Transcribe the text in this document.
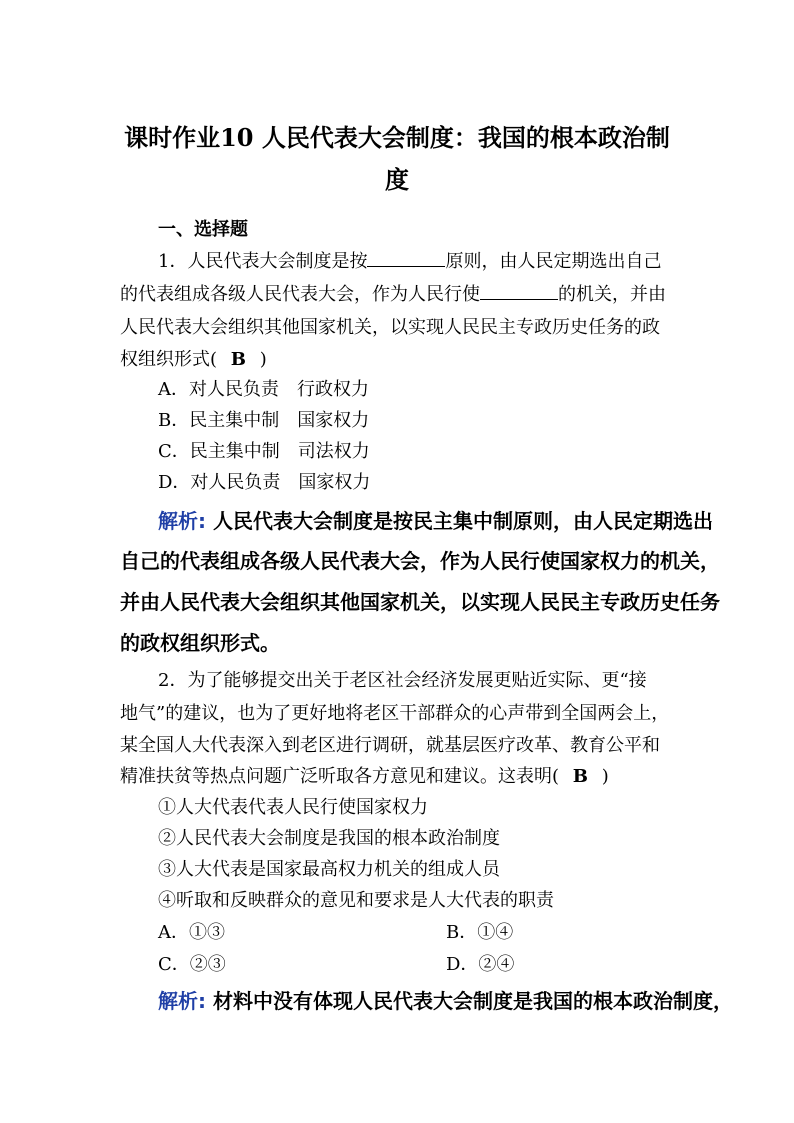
课时作业10 人民代表大会制度：我国的根本政治制
度
一、选择题
1．人民代表大会制度是按	原则，由人民定期选出自己
的代表组成各级人民代表大会，作为人民行使	的机关，并由
人民代表大会组织其他国家机关，以实现人民民主专政历史任务的政
权组织形式( B )
A．对人民负责　行政权力
B．民主集中制　国家权力
C．民主集中制　司法权力
D．对人民负责　国家权力
解析: 人民代表大会制度是按民主集中制原则，由人民定期选出
自己的代表组成各级人民代表大会，作为人民行使国家权力的机关，
并由人民代表大会组织其他国家机关，以实现人民民主专政历史任务
的政权组织形式。
2．为了能够提交出关于老区社会经济发展更贴近实际、更“接
地气”的建议，也为了更好地将老区干部群众的心声带到全国两会上，
某全国人大代表深入到老区进行调研，就基层医疗改革、教育公平和
精准扶贫等热点问题广泛听取各方意见和建议。这表明( B )
①人大代表代表人民行使国家权力
②人民代表大会制度是我国的根本政治制度
③人大代表是国家最高权力机关的组成人员
④听取和反映群众的意见和要求是人大代表的职责
A．①③	B．①④
C．②③	D．②④
解析: 材料中没有体现人民代表大会制度是我国的根本政治制度，
